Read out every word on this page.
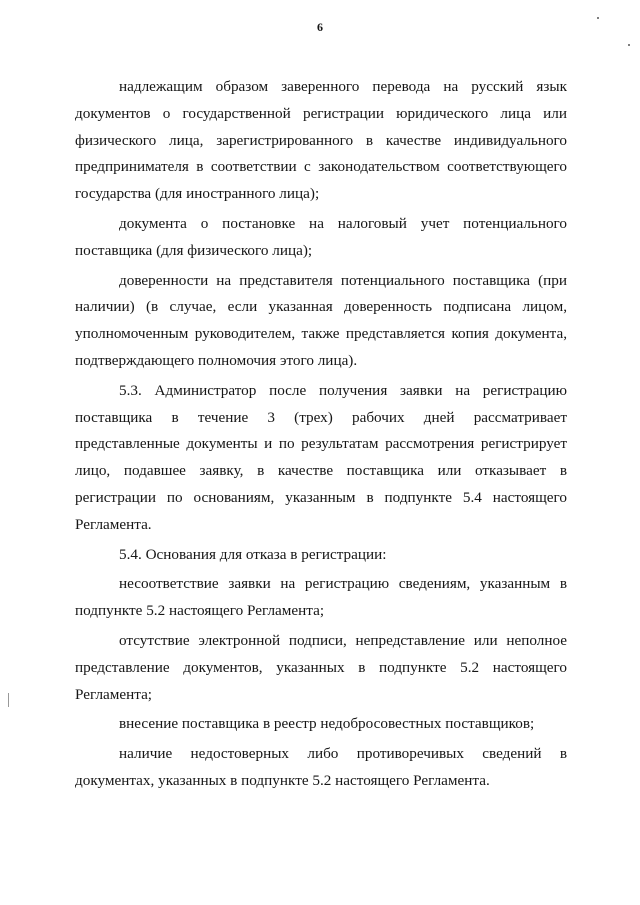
6

надлежащим образом заверенного перевода на русский язык документов о государственной регистрации юридического лица или физического лица, зарегистрированного в качестве индивидуального предпринимателя в соответствии с законодательством соответствующего государства (для иностранного лица);

документа о постановке на налоговый учет потенциального поставщика (для физического лица);

доверенности на представителя потенциального поставщика (при наличии) (в случае, если указанная доверенность подписана лицом, уполномоченным руководителем, также представляется копия документа, подтверждающего полномочия этого лица).

5.3. Администратор после получения заявки на регистрацию поставщика в течение 3 (трех) рабочих дней рассматривает представленные документы и по результатам рассмотрения регистрирует лицо, подавшее заявку, в качестве поставщика или отказывает в регистрации по основаниям, указанным в подпункте 5.4 настоящего Регламента.

5.4. Основания для отказа в регистрации:

несоответствие заявки на регистрацию сведениям, указанным в подпункте 5.2 настоящего Регламента;

отсутствие электронной подписи, непредставление или неполное представление документов, указанных в подпункте 5.2 настоящего Регламента;

внесение поставщика в реестр недобросовестных поставщиков;

наличие недостоверных либо противоречивых сведений в документах, указанных в подпункте 5.2 настоящего Регламента.
